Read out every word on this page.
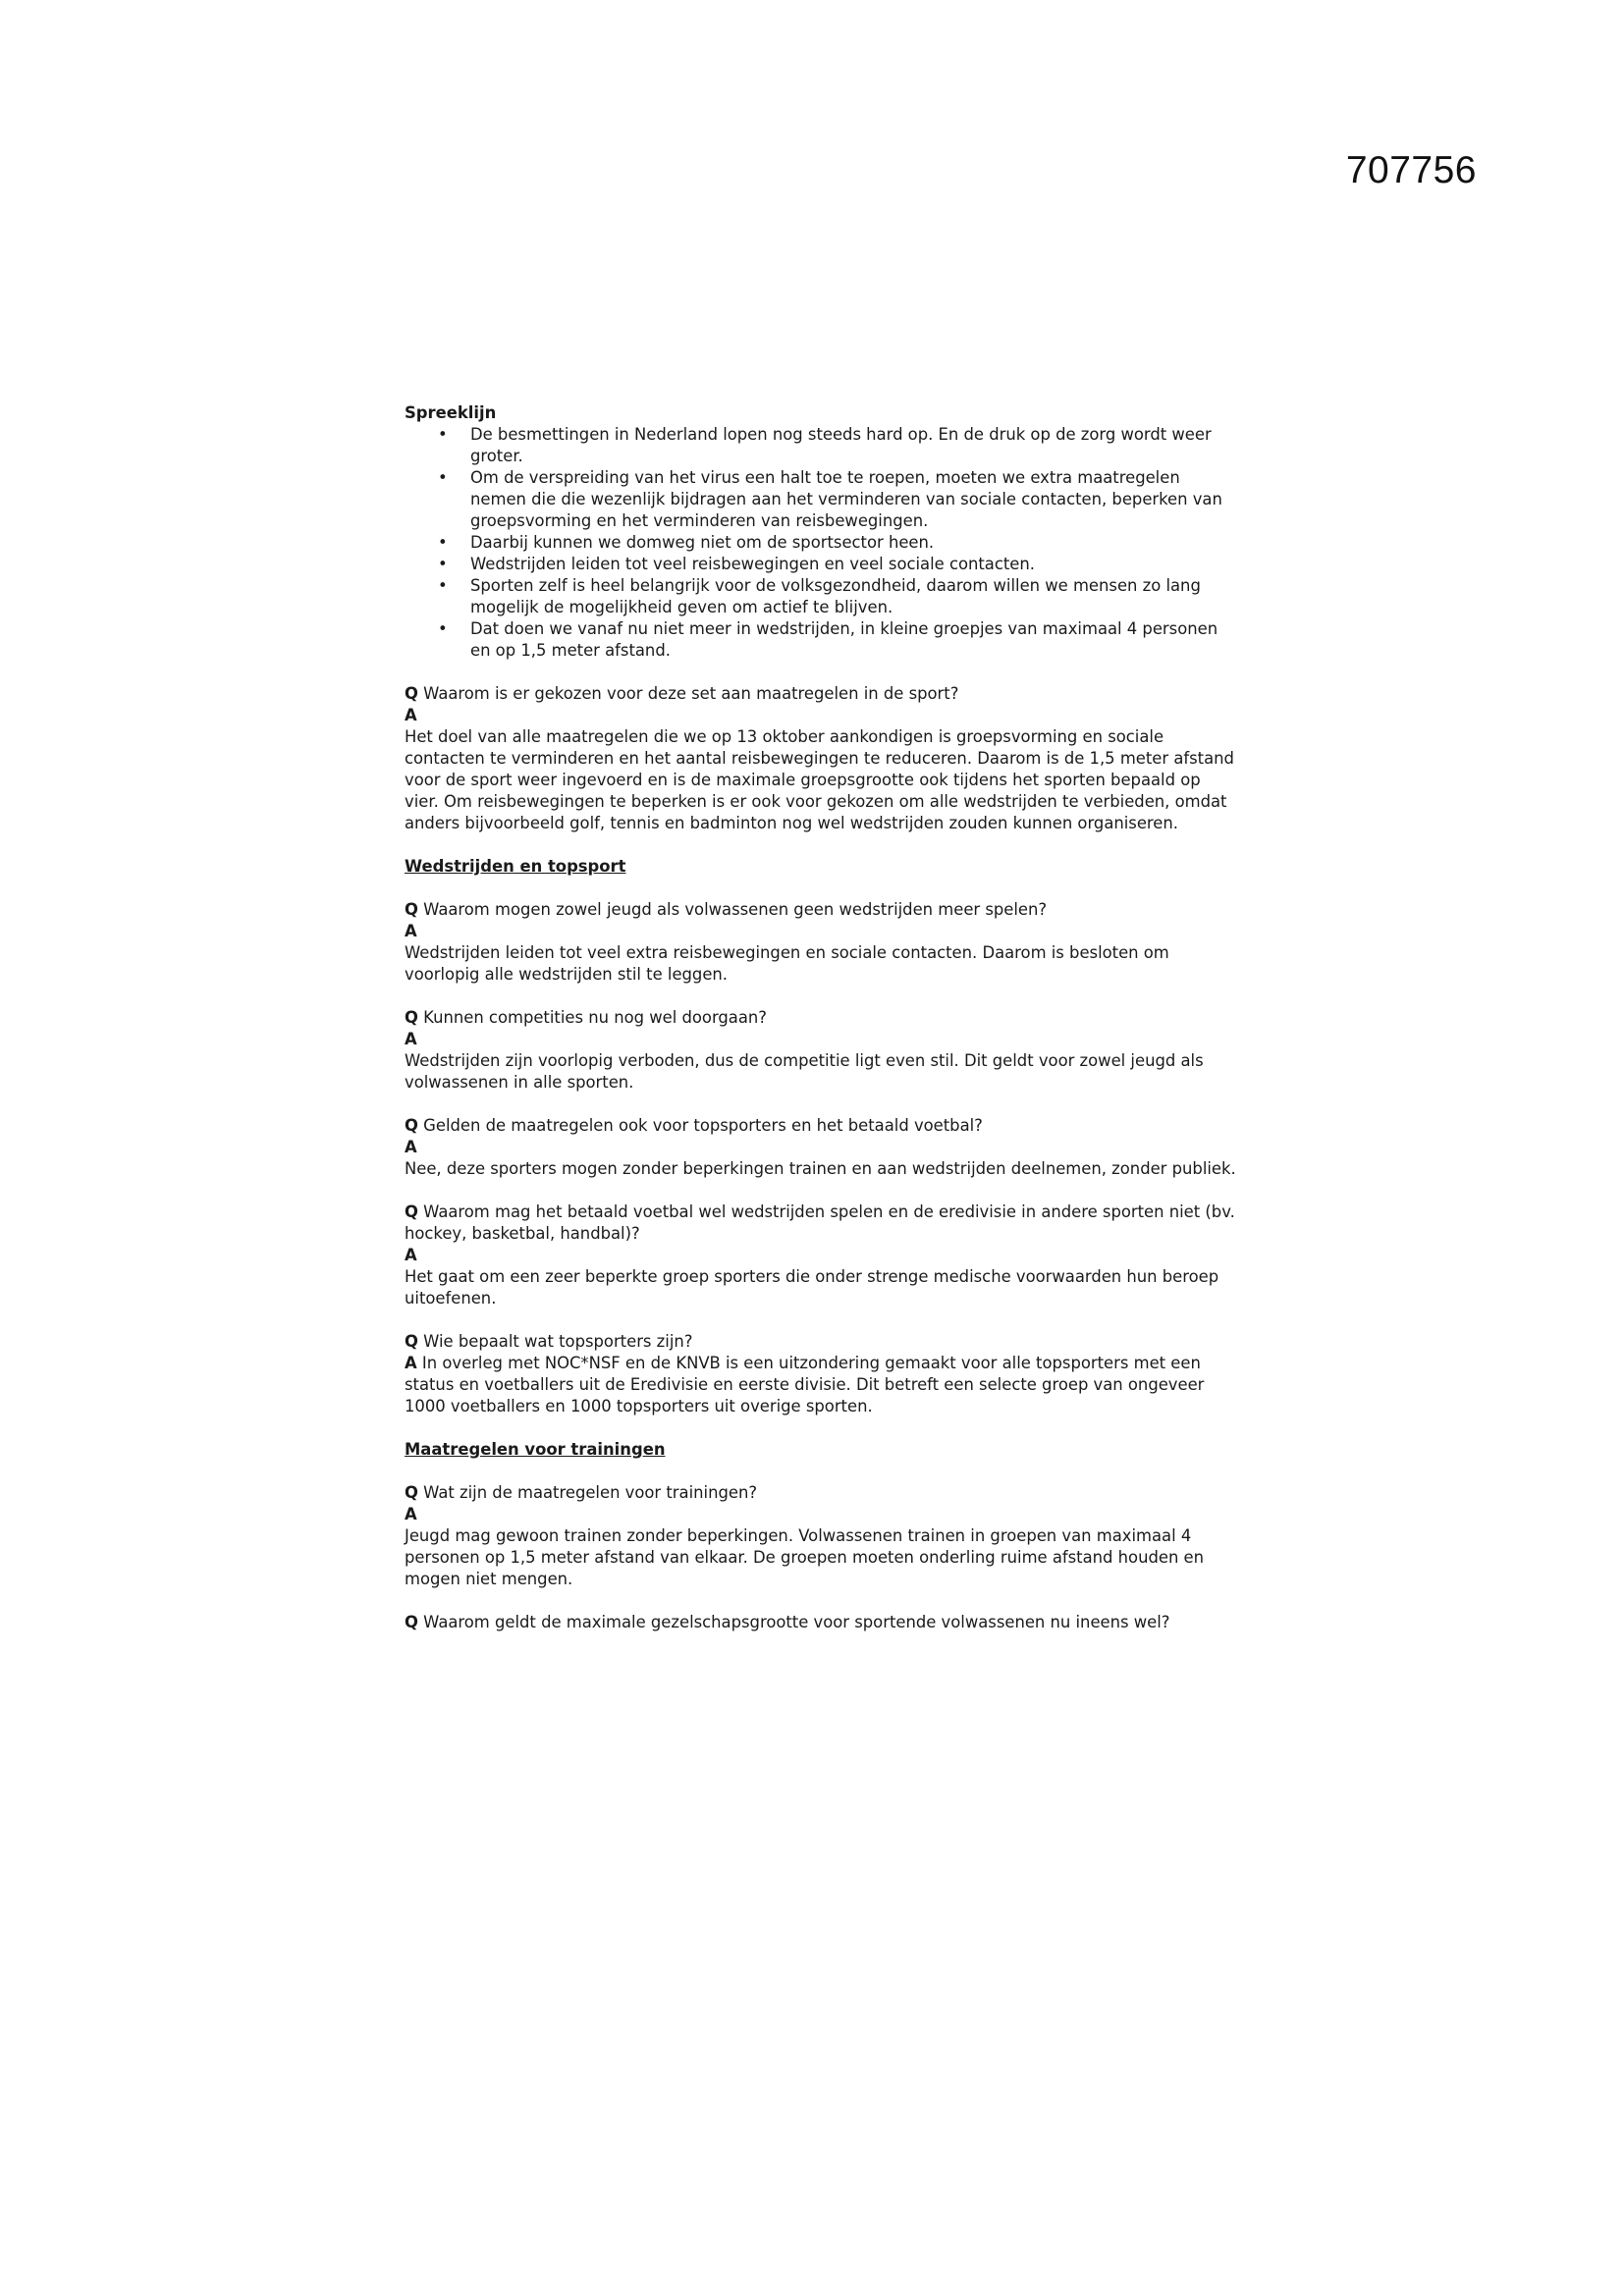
707756

Spreeklijn

• De besmettingen in Nederland lopen nog steeds hard op. En de druk op de zorg wordt weer groter.
• Om de verspreiding van het virus een halt toe te roepen, moeten we extra maatregelen nemen die die wezenlijk bijdragen aan het verminderen van sociale contacten, beperken van groepsvorming en het verminderen van reisbewegingen.
• Daarbij kunnen we domweg niet om de sportsector heen.
• Wedstrijden leiden tot veel reisbewegingen en veel sociale contacten.
• Sporten zelf is heel belangrijk voor de volksgezondheid, daarom willen we mensen zo lang mogelijk de mogelijkheid geven om actief te blijven.
• Dat doen we vanaf nu niet meer in wedstrijden, in kleine groepjes van maximaal 4 personen en op 1,5 meter afstand.

Q Waarom is er gekozen voor deze set aan maatregelen in de sport?

A

Het doel van alle maatregelen die we op 13 oktober aankondigen is groepsvorming en sociale contacten te verminderen en het aantal reisbewegingen te reduceren. Daarom is de 1,5 meter afstand voor de sport weer ingevoerd en is de maximale groepsgrootte ook tijdens het sporten bepaald op vier. Om reisbewegingen te beperken is er ook voor gekozen om alle wedstrijden te verbieden, omdat anders bijvoorbeeld golf, tennis en badminton nog wel wedstrijden zouden kunnen organiseren.

Wedstrijden en topsport

Q Waarom mogen zowel jeugd als volwassenen geen wedstrijden meer spelen?

A

Wedstrijden leiden tot veel extra reisbewegingen en sociale contacten. Daarom is besloten om voorlopig alle wedstrijden stil te leggen.

Q Kunnen competities nu nog wel doorgaan?

A

Wedstrijden zijn voorlopig verboden, dus de competitie ligt even stil. Dit geldt voor zowel jeugd als volwassenen in alle sporten.

Q Gelden de maatregelen ook voor topsporters en het betaald voetbal?

A

Nee, deze sporters mogen zonder beperkingen trainen en aan wedstrijden deelnemen, zonder publiek.

Q Waarom mag het betaald voetbal wel wedstrijden spelen en de eredivisie in andere sporten niet (bv. hockey, basketbal, handbal)?

A

Het gaat om een zeer beperkte groep sporters die onder strenge medische voorwaarden hun beroep uitoefenen.

Q Wie bepaalt wat topsporters zijn?

A In overleg met NOC*NSF en de KNVB is een uitzondering gemaakt voor alle topsporters met een status en voetballers uit de Eredivisie en eerste divisie. Dit betreft een selecte groep van ongeveer 1000 voetballers en 1000 topsporters uit overige sporten.

Maatregelen voor trainingen

Q Wat zijn de maatregelen voor trainingen?

A

Jeugd mag gewoon trainen zonder beperkingen. Volwassenen trainen in groepen van maximaal 4 personen op 1,5 meter afstand van elkaar. De groepen moeten onderling ruime afstand houden en mogen niet mengen.

Q Waarom geldt de maximale gezelschapsgrootte voor sportende volwassenen nu ineens wel?
